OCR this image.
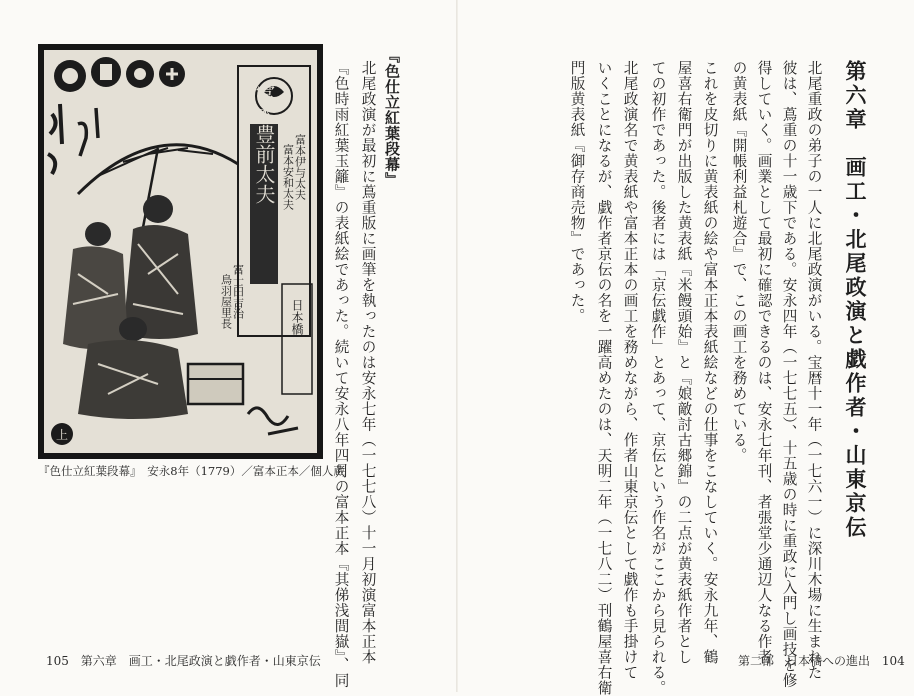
第六章　画工・北尾政演と戯作者・山東京伝
北尾重政の弟子の一人に北尾政演がいる。宝暦十一年（一七六一）に深川木場に生まれた
彼は、蔦重の十一歳下である。安永四年（一七七五）、十五歳の時に重政に入門し画技を修
得していく。画業として最初に確認できるのは、安永七年刊、者張堂少通辺人なる作者
の黄表紙『開帳利益札遊合』で、この画工を務めている。
これを皮切りに黄表紙の絵や富本正本表紙絵などの仕事をこなしていく。安永九年、鶴
屋喜右衛門が出版した黄表紙『米饅頭始』と『娘敵討古郷錦』の二点が黄表紙作者とし
ての初作であった。後者には「京伝戯作」とあって、京伝という作名がここから見られる。
北尾政演名で黄表紙や富本正本の画工を務めながら、作者山東京伝として戯作も手掛けて
いくことになるが、戯作者京伝の名を一躍高めたのは、天明二年（一七八二）刊鶴屋喜右衛
門版黄表紙『御存商売物』であった。
第二部　日本橋への進出 104
『色仕立紅葉段幕』
北尾政演が最初に蔦重版に画筆を執ったのは安永七年（一七七八）十一月初演富本正本
『色時雨紅葉玉籬』の表紙絵であった。続いて安永八年四月の富本正本『其俤浅間嶽』、同
富本豊前太夫 富本伊与太夫
富本安和太夫
富士田吉治
鳥羽屋里長	日本橋
上
『色仕立紅葉段幕』　安永8年（1779）／富本正本／個人蔵
105 第六章　画工・北尾政演と戯作者・山東京伝
